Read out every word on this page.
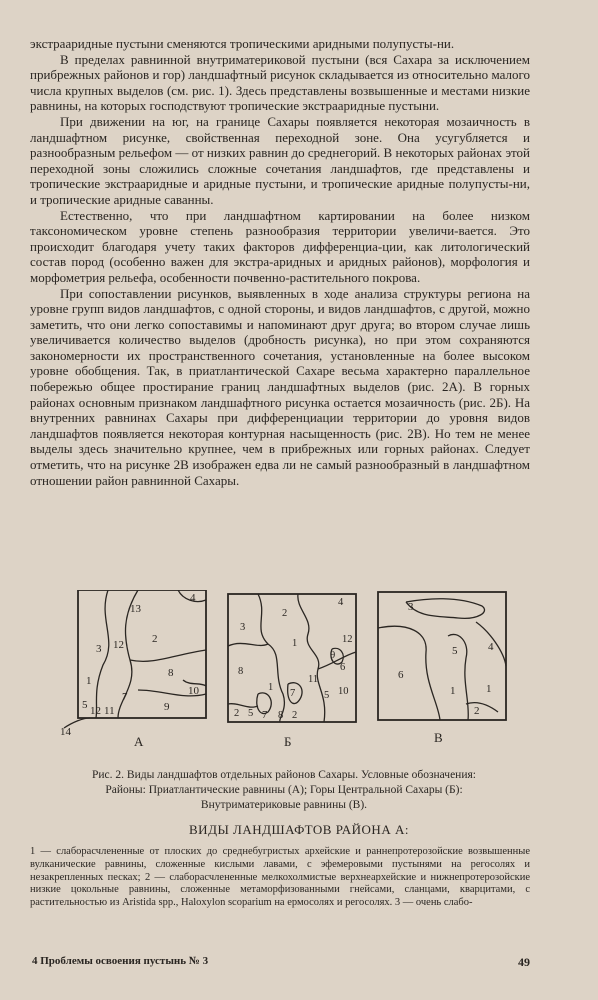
экстрааридные пустыни сменяются тропическими аридными полупусты-ни.

В пределах равнинной внутриматериковой пустыни (вся Сахара за исключением прибрежных районов и гор) ландшафтный рисунок складывается из относительно малого числа крупных выделов (см. рис. 1). Здесь представлены возвышенные и местами низкие равнины, на которых господствуют тропические экстрааридные пустыни.

При движении на юг, на границе Сахары появляется некоторая мозаичность в ландшафтном рисунке, свойственная переходной зоне. Она усугубляется и разнообразным рельефом — от низких равнин до среднегорий. В некоторых районах этой переходной зоны сложились сложные сочетания ландшафтов, где представлены и тропические экстрааридные и аридные пустыни, и тропические аридные полупусты-ни, и тропические аридные саванны.

Естественно, что при ландшафтном картировании на более низком таксономическом уровне степень разнообразия территории увеличи-вается. Это происходит благодаря учету таких факторов дифференциа-ции, как литологический состав пород (особенно важен для экстра-аридных и аридных районов), морфология и морфометрия рельефа, особенности почвенно-растительного покрова.

При сопоставлении рисунков, выявленных в ходе анализа структуры региона на уровне групп видов ландшафтов, с одной стороны, и видов ландшафтов, с другой, можно заметить, что они легко сопоставимы и напоминают друг друга; во втором случае лишь увеличивается количество выделов (дробность рисунка), но при этом сохраняются закономерности их пространственного сочетания, установленные на более высоком уровне обобщения. Так, в приатлантической Сахаре весьма характерно параллельное побережью общее простирание границ ландшафтных выделов (рис. 2А). В горных районах основным признаком ландшафтного рисунка остается мозаичность (рис. 2Б). На внутренних равнинах Сахары при дифференциации территории до уровня видов ландшафтов появляется некоторая контурная насыщенность (рис. 2В). Но тем не менее выделы здесь значительно крупнее, чем в прибрежных или горных районах. Следует отметить, что на рисунке 2В изображен едва ли не самый разнообразный в ландшафтном отношении район равнинной Сахары.

4
13
12	2
3
8
1
7
9
10
5 12 11
14
А
4
2
3
1	12
9
6
11
5 10
8
7
1
2 5 7 8 2
Б
3
5	4
6
1	1
2
В
Рис. 2. Виды ландшафтов отдельных районов Сахары. Условные обозначения:
Районы: Приатлантические равнины (А); Горы Центральной Сахары (Б):
Внутриматериковые равнины (В).
ВИДЫ ЛАНДШАФТОВ РАЙОНА А:

1 — слаборасчлененные от плоских до среднебугристых архейские и раннепротерозойские возвышенные вулканические равнины, сложенные кислыми лавами, с эфемеровыми пустынями на регосолях и незакрепленных песках; 2 — слаборасчлененные мелкохолмистые верхнеархейские и нижнепротерозойские низкие цокольные равнины, сложенные метаморфизованными гнейсами, сланцами, кварцитами, с растительностью из Aristida spp., Haloxylon scoparium на ермосолях и регосолях. 3 — очень слабо-

4 Проблемы освоения пустынь № 3	49
